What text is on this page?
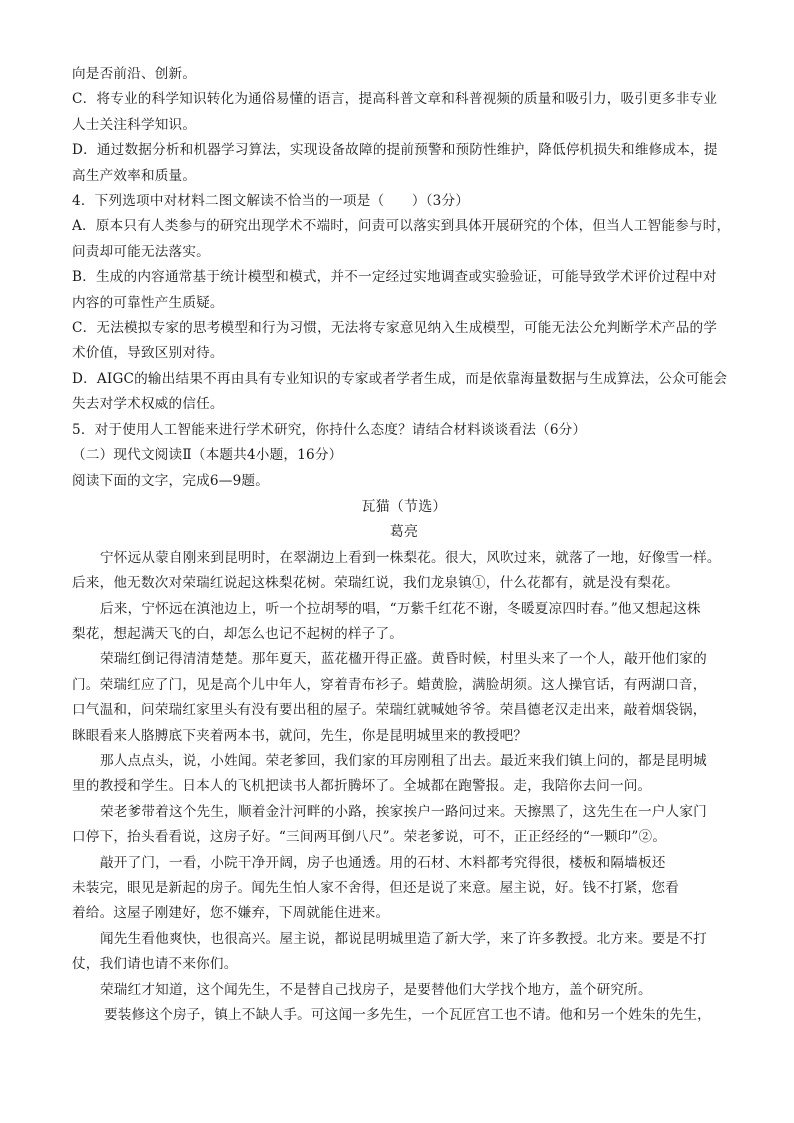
向是否前沿、创新。
C．将专业的科学知识转化为通俗易懂的语言，提高科普文章和科普视频的质量和吸引力，吸引更多非专业
人士关注科学知识。
D．通过数据分析和机器学习算法，实现设备故障的提前预警和预防性维护，降低停机损失和维修成本，提
高生产效率和质量。
4．下列选项中对材料二图文解读不恰当的一项是（　　）（3分）
A．原本只有人类参与的研究出现学术不端时，问责可以落实到具体开展研究的个体，但当人工智能参与时，
问责却可能无法落实。
B．生成的内容通常基于统计模型和模式，并不一定经过实地调查或实验验证，可能导致学术评价过程中对
内容的可靠性产生质疑。
C．无法模拟专家的思考模型和行为习惯，无法将专家意见纳入生成模型，可能无法公允判断学术产品的学
术价值，导致区别对待。
D．AIGC的输出结果不再由具有专业知识的专家或者学者生成，而是依靠海量数据与生成算法，公众可能会
失去对学术权威的信任。
5．对于使用人工智能来进行学术研究，你持什么态度？请结合材料谈谈看法（6分）
（二）现代文阅读Ⅱ（本题共4小题，16分）
阅读下面的文字，完成6—9题。
瓦猫（节选）
葛亮
宁怀远从蒙自刚来到昆明时，在翠湖边上看到一株梨花。很大，风吹过来，就落了一地，好像雪一样。
后来，他无数次对荣瑞红说起这株梨花树。荣瑞红说，我们龙泉镇①，什么花都有，就是没有梨花。
后来，宁怀远在滇池边上，听一个拉胡琴的唱，“万紫千红花不谢，冬暖夏凉四时春。”他又想起这株
梨花，想起满天飞的白，却怎么也记不起树的样子了。
荣瑞红倒记得清清楚楚。那年夏天，蓝花楹开得正盛。黄昏时候，村里头来了一个人，敲开他们家的
门。荣瑞红应了门，见是高个儿中年人，穿着青布衫子。蜡黄脸，满脸胡须。这人操官话，有两湖口音，
口气温和，问荣瑞红家里头有没有要出租的屋子。荣瑞红就喊她爷爷。荣昌德老汉走出来，敲着烟袋锅，
眯眼看来人胳膊底下夹着两本书，就问，先生，你是昆明城里来的教授吧？
那人点点头，说，小姓闻。荣老爹回，我们家的耳房刚租了出去。最近来我们镇上问的，都是昆明城
里的教授和学生。日本人的飞机把读书人都折腾坏了。全城都在跑警报。走，我陪你去问一问。
荣老爹带着这个先生，顺着金汁河畔的小路，挨家挨户一路问过来。天擦黑了，这先生在一户人家门
口停下，抬头看看说，这房子好。“三间两耳倒八尺”。荣老爹说，可不，正正经经的“一颗印”②。
敲开了门，一看，小院干净开阔，房子也通透。用的石材、木料都考究得很，楼板和隔墙板还
未装完，眼见是新起的房子。闻先生怕人家不舍得，但还是说了来意。屋主说，好。钱不打紧，您看
着给。这屋子刚建好，您不嫌弃，下周就能住进来。
闻先生看他爽快，也很高兴。屋主说，都说昆明城里造了新大学，来了许多教授。北方来。要是不打
仗，我们请也请不来你们。
荣瑞红才知道，这个闻先生，不是替自己找房子，是要替他们大学找个地方，盖个研究所。
要装修这个房子，镇上不缺人手。可这闻一多先生，一个瓦匠宫工也不请。他和另一个姓朱的先生，
